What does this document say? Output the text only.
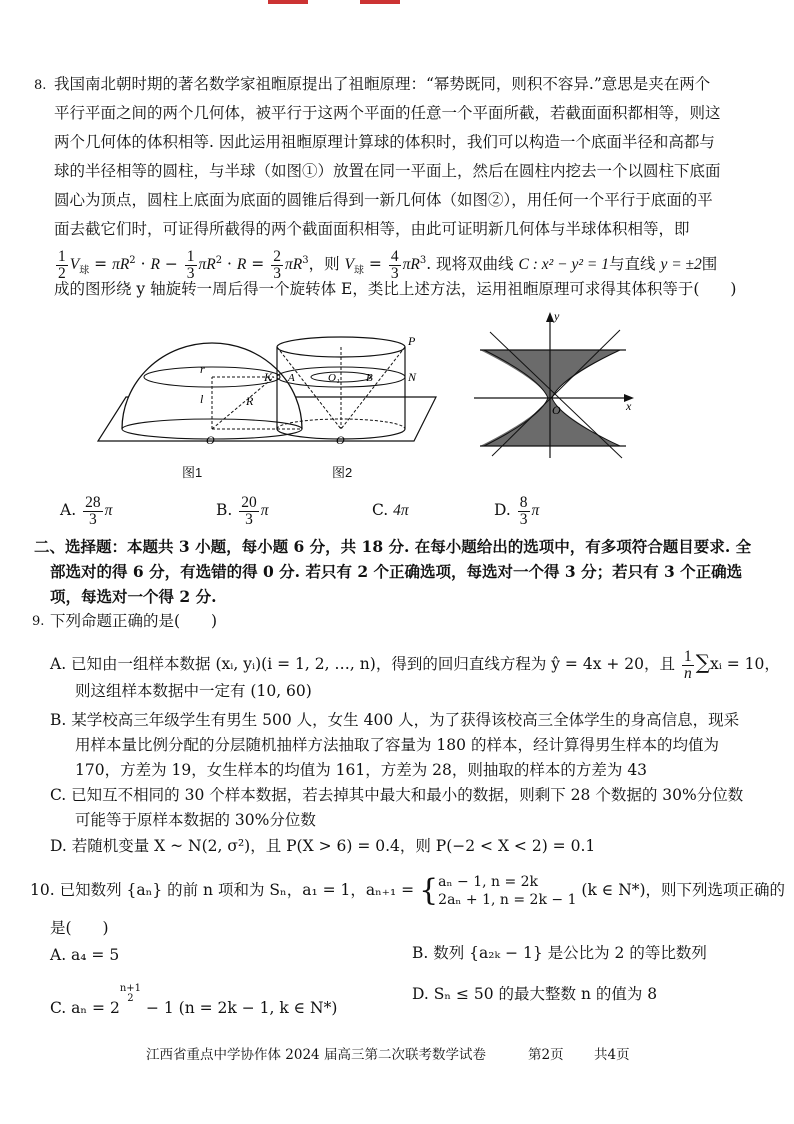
8. 我国南北朝时期的著名数学家祖暅原提出了祖暅原理：“幂势既同，则积不容异.”意思是夹在两个
平行平面之间的两个几何体，被平行于这两个平面的任意一个平面所截，若截面面积都相等，则这
两个几何体的体积相等. 因此运用祖暅原理计算球的体积时，我们可以构造一个底面半径和高都与
球的半径相等的圆柱，与半球（如图①）放置在同一平面上，然后在圆柱内挖去一个以圆柱下底面
圆心为顶点，圆柱上底面为底面的圆锥后得到一新几何体（如图②），用任何一个平行于底面的平
面去截它们时，可证得所截得的两个截面面积相等，由此可证明新几何体与半球体积相等，即
$\frac{1}{2} V_球 = \pi R^2 \cdot R - \frac{1}{3} \pi R^2 \cdot R = \frac{2}{3} \pi R^3$，则 $V_球 = \frac{4}{3} \pi R^3$. 现将双曲线 C : x² − y² = 1与直线 y = ±2围
成的图形绕 y 轴旋转一周后得一个旋转体 E，类比上述方法，运用祖暅原理可求得其体积等于(　　)
r
l	R
O
P
N
K A	O₁ B
O
图1	图2
y
x
O
A. $\frac{28}{3}$ π	B. $\frac{20}{3}$ π	C. 4π	D. $\frac{8}{3}$ π
二、选择题：本题共 3 小题，每小题 6 分，共 18 分. 在每小题给出的选项中，有多项符合题目要求. 全
部选对的得 6 分，有选错的得 0 分. 若只有 2 个正确选项，每选对一个得 3 分；若只有 3 个正确选
项，每选对一个得 2 分.
9. 下列命题正确的是(　　)
A. 已知由一组样本数据 (xᵢ, yᵢ)(i = 1, 2, …, n)，得到的回归直线方程为 ŷ = 4x + 20，且 $\frac{1}{n}$ ∑xᵢ = 10，
则这组样本数据中一定有 (10, 60)
B. 某学校高三年级学生有男生 500 人，女生 400 人，为了获得该校高三全体学生的身高信息，现采
用样本量比例分配的分层随机抽样方法抽取了容量为 180 的样本，经计算得男生样本的均值为
170，方差为 19，女生样本的均值为 161，方差为 28，则抽取的样本的方差为 43
C. 已知互不相同的 30 个样本数据，若去掉其中最大和最小的数据，则剩下 28 个数据的 30%分位数
可能等于原样本数据的 30%分位数
D. 若随机变量 X ~ N(2, σ²)，且 P(X > 6) = 0.4，则 P(−2 < X < 2) = 0.1
10. 已知数列 {aₙ} 的前 n 项和为 Sₙ，a₁ = 1，aₙ₊₁ = {aₙ − 1, n = 2k
2aₙ + 1, n = 2k − 1 (k ∈ N*)，则下列选项正确的
是(　　)
A. a₄ = 5	B. 数列 {a₂ₖ − 1} 是公比为 2 的等比数列
C. $a_n = 2^{n+1 2} - 1$ (n = 2k − 1, k ∈ N*)
D. Sₙ ≤ 50 的最大整数 n 的值为 8
江西省重点中学协作体 2024 届高三第二次联考数学试卷	第2页 共4页
